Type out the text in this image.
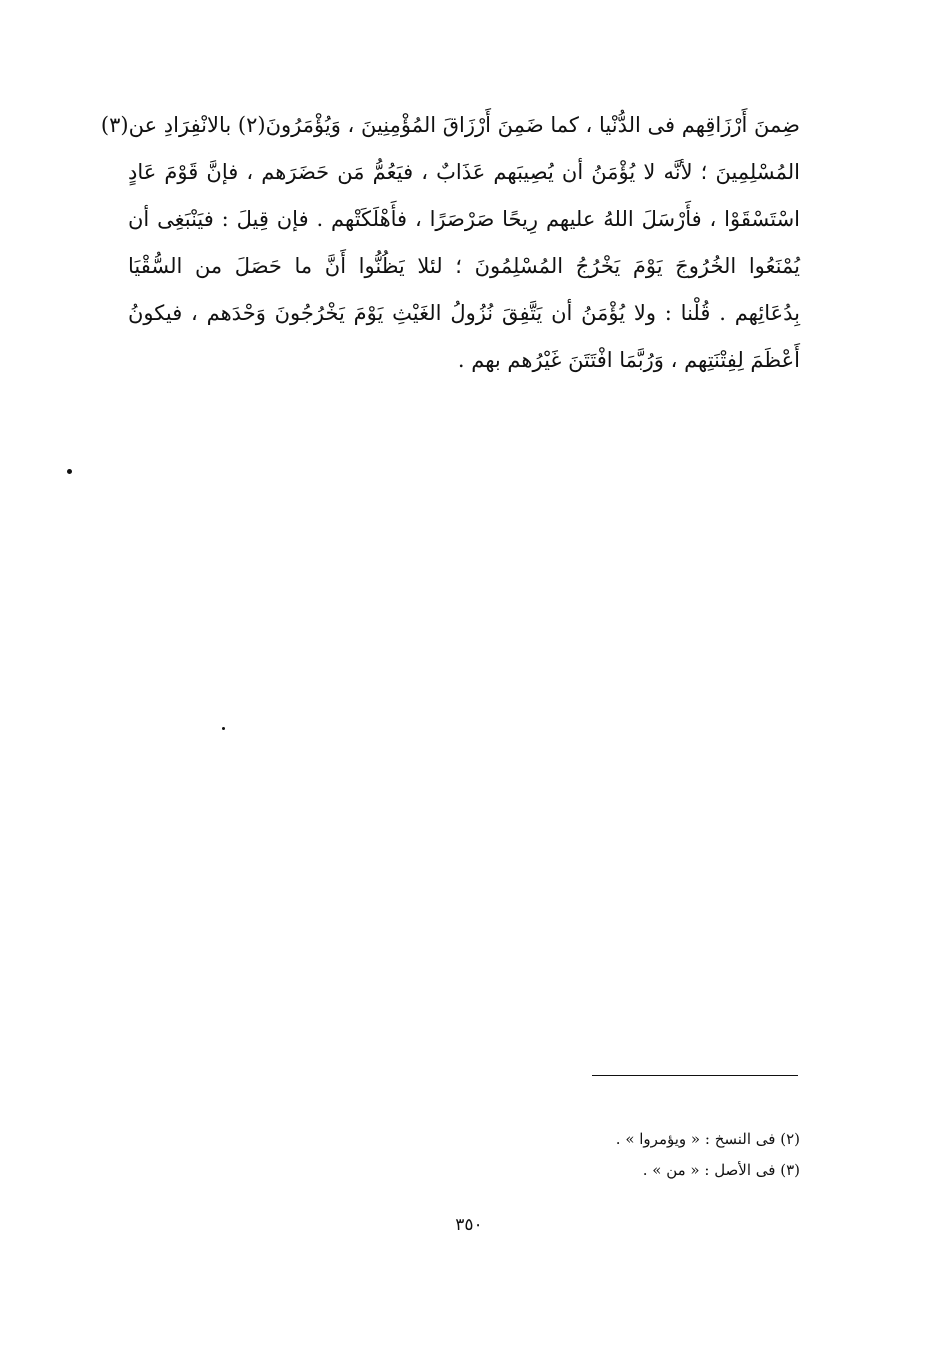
ضِمنَ أَرْزَاقِهم فى الدُّنْيا ، كما ضَمِنَ أَرْزَاقَ المُؤْمِنِينَ ، وَيُؤْمَرُونَ(٢) بالانْفِرَادِ عن(٣)
المُسْلِمِينَ ؛ لأنَّه لا يُؤْمَنُ أن يُصِيبَهم عَذَابٌ ، فيَعُمُّ مَن حَضَرَهم ، فإنَّ قَوْمَ عَادٍ
اسْتَسْقَوْا ، فأَرْسَلَ اللهُ عليهم رِيحًا صَرْصَرًا ، فأَهْلَكَتْهم . فإن قِيلَ : فيَنْبَغِى أن
يُمْنَعُوا الخُرُوجَ يَوْمَ يَخْرُجُ المُسْلِمُونَ ؛ لئلا يَظُنُّوا أَنَّ ما حَصَلَ من السُّقْيَا
بِدُعَائِهم . قُلْنا : ولا يُؤْمَنُ أن يَتَّفِقَ نُزُولُ الغَيْثِ يَوْمَ يَخْرُجُونَ وَحْدَهم ، فيكونُ
أَعْظَمَ لِفِتْنَتِهم ، وَرُبَّمَا افْتَتَنَ غَيْرُهم بهم .
(٢) فى النسخ : « ويؤمروا » .
(٣) فى الأصل : « من » .
٣٥٠
